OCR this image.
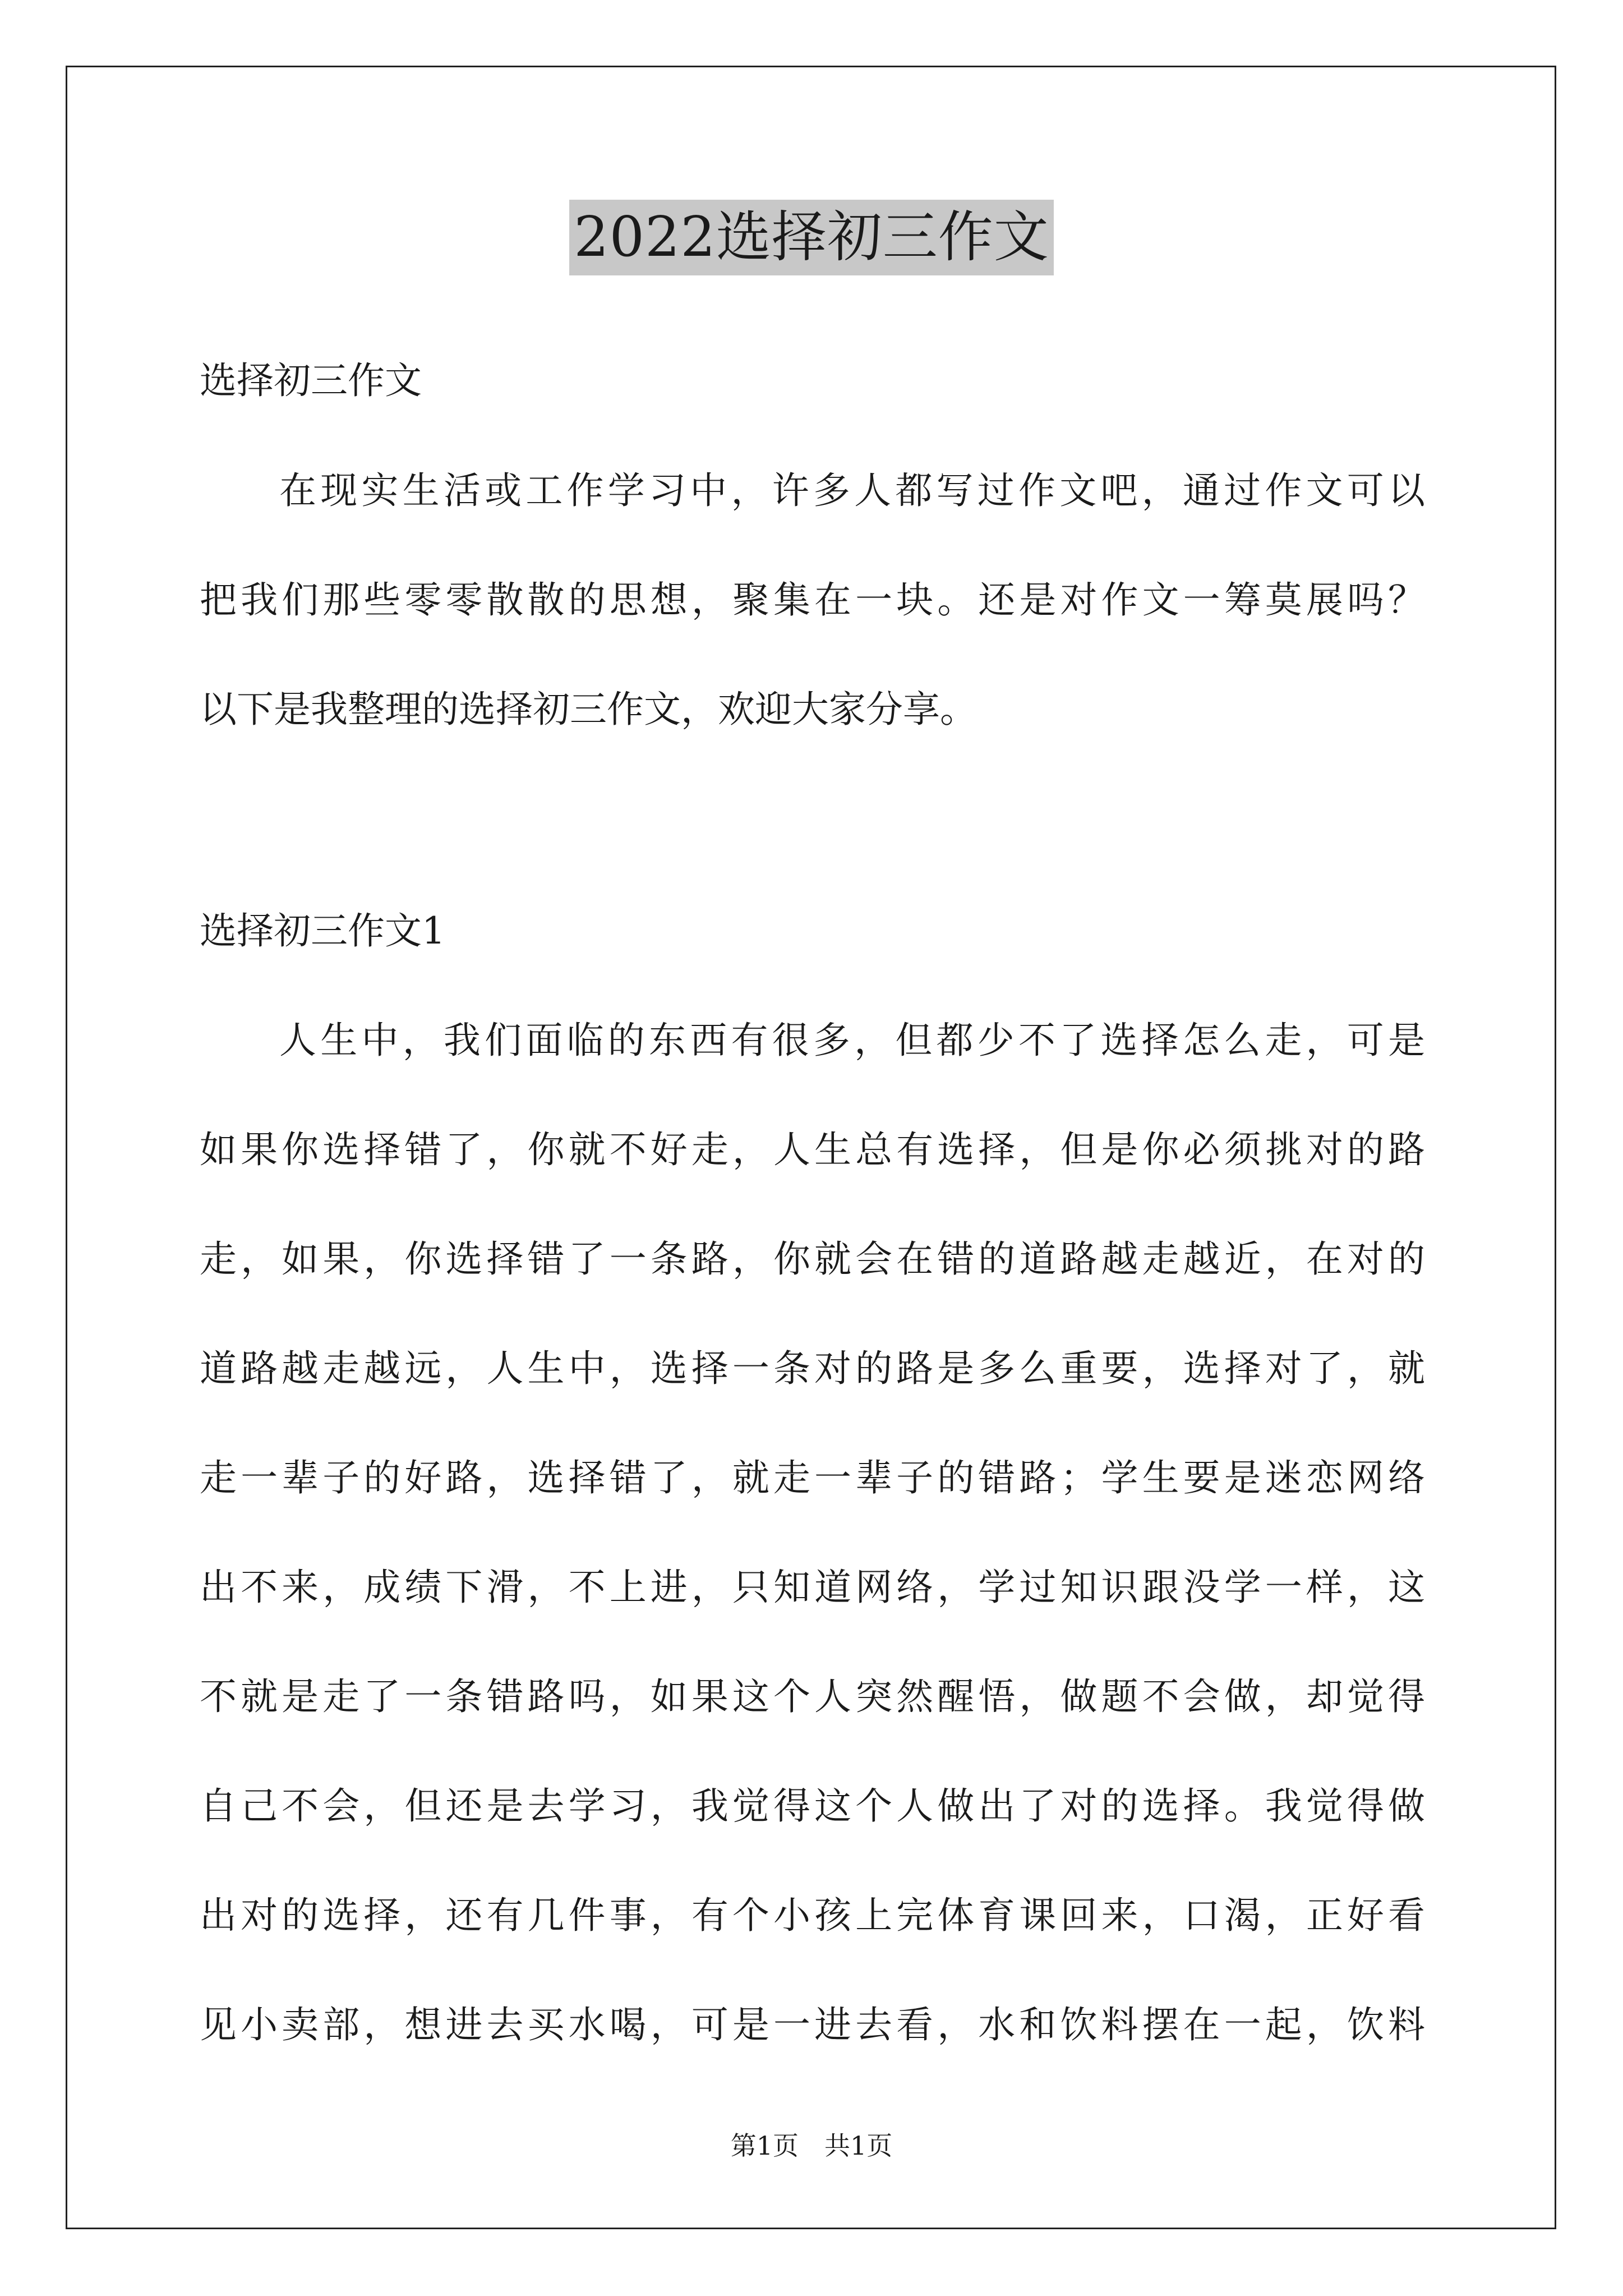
2022选择初三作文
选择初三作文
在现实生活或工作学习中，许多人都写过作文吧，通过作文可以
把我们那些零零散散的思想，聚集在一块。还是对作文一筹莫展吗？
以下是我整理的选择初三作文，欢迎大家分享。
选择初三作文1
人生中，我们面临的东西有很多，但都少不了选择怎么走，可是
如果你选择错了，你就不好走，人生总有选择，但是你必须挑对的路
走，如果，你选择错了一条路，你就会在错的道路越走越近，在对的
道路越走越远，人生中，选择一条对的路是多么重要，选择对了，就
走一辈子的好路，选择错了，就走一辈子的错路；学生要是迷恋网络
出不来，成绩下滑，不上进，只知道网络，学过知识跟没学一样，这
不就是走了一条错路吗，如果这个人突然醒悟，做题不会做，却觉得
自己不会，但还是去学习，我觉得这个人做出了对的选择。我觉得做
出对的选择，还有几件事，有个小孩上完体育课回来，口渴，正好看
见小卖部，想进去买水喝，可是一进去看，水和饮料摆在一起，饮料
第1页　共1页
